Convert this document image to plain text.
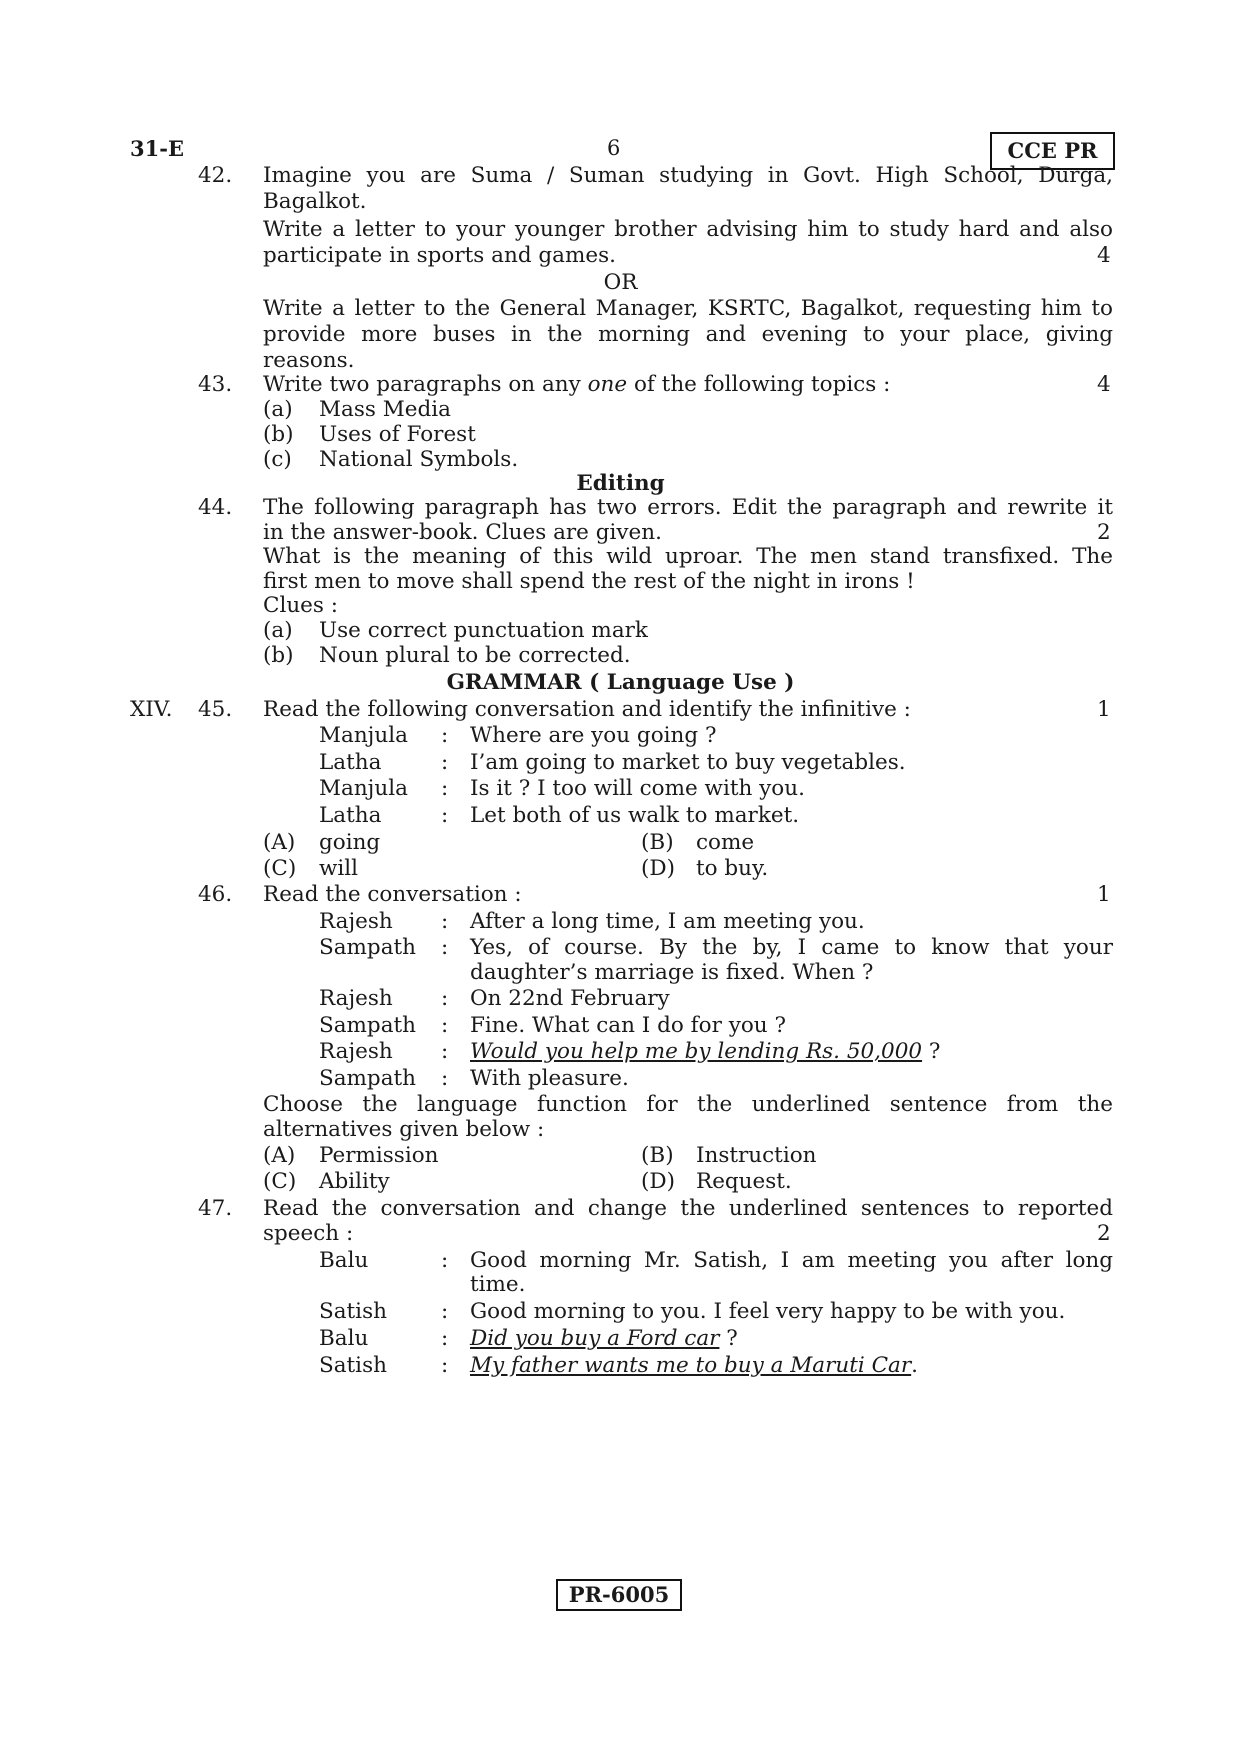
31-E	6	CCE PR
42. Imagine you are Suma / Suman studying in Govt. High School, Durga,
Bagalkot.
Write a letter to your younger brother advising him to study hard and also
participate in sports and games.	4
OR
Write a letter to the General Manager, KSRTC, Bagalkot, requesting him to
provide more buses in the morning and evening to your place, giving
reasons.
43. Write two paragraphs on any one of the following topics :	4
(a) Mass Media
(b) Uses of Forest
(c) National Symbols.
Editing
44. The following paragraph has two errors. Edit the paragraph and rewrite it
in the answer-book. Clues are given.	2
What is the meaning of this wild uproar. The men stand transfixed. The
first men to move shall spend the rest of the night in irons !
Clues :
(a) Use correct punctuation mark
(b) Noun plural to be corrected.
GRAMMAR ( Language Use )
XIV. 45. Read the following conversation and identify the infinitive :	1
Manjula : Where are you going ?
Latha	: I’am going to market to buy vegetables.
Manjula : Is it ? I too will come with you.
Latha	: Let both of us walk to market.
(A) going	(B) come
(C) will	(D) to buy.
46. Read the conversation :	1
Rajesh : After a long time, I am meeting you.
Sampath : Yes, of course. By the by, I came to know that your
daughter’s marriage is fixed. When ?
Rajesh : On 22nd February
Sampath : Fine. What can I do for you ?
Rajesh : Would you help me by lending Rs. 50,000 ?
Sampath : With pleasure.
Choose the language function for the underlined sentence from the
alternatives given below :
(A) Permission	(B) Instruction
(C) Ability	(D) Request.
47. Read the conversation and change the underlined sentences to reported
speech :	2
Balu	: Good morning Mr. Satish, I am meeting you after long
time.
Satish	: Good morning to you. I feel very happy to be with you.
Balu	: Did you buy a Ford car ?
Satish	: My father wants me to buy a Maruti Car.
PR-6005
